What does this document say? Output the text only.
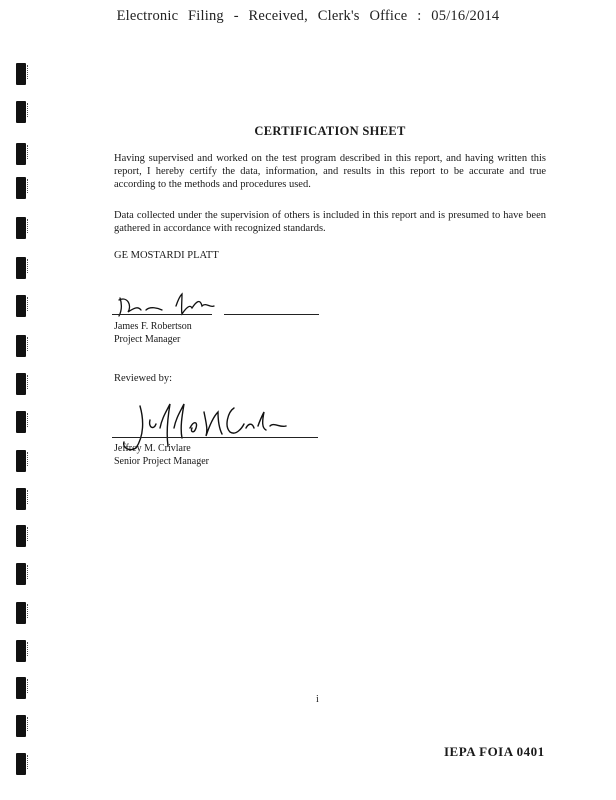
Electronic Filing - Received, Clerk's Office : 05/16/2014
CERTIFICATION SHEET
Having supervised and worked on the test program described in this report, and having written this report, I hereby certify the data, information, and results in this report to be accurate and true according to the methods and procedures used.
Data collected under the supervision of others is included in this report and is presumed to have been gathered in accordance with recognized standards.
GE MOSTARDI PLATT
James F. Robertson
Project Manager
Reviewed by:
Jeffrey M. Crivlare
Senior Project Manager
i
IEPA FOIA 0401
